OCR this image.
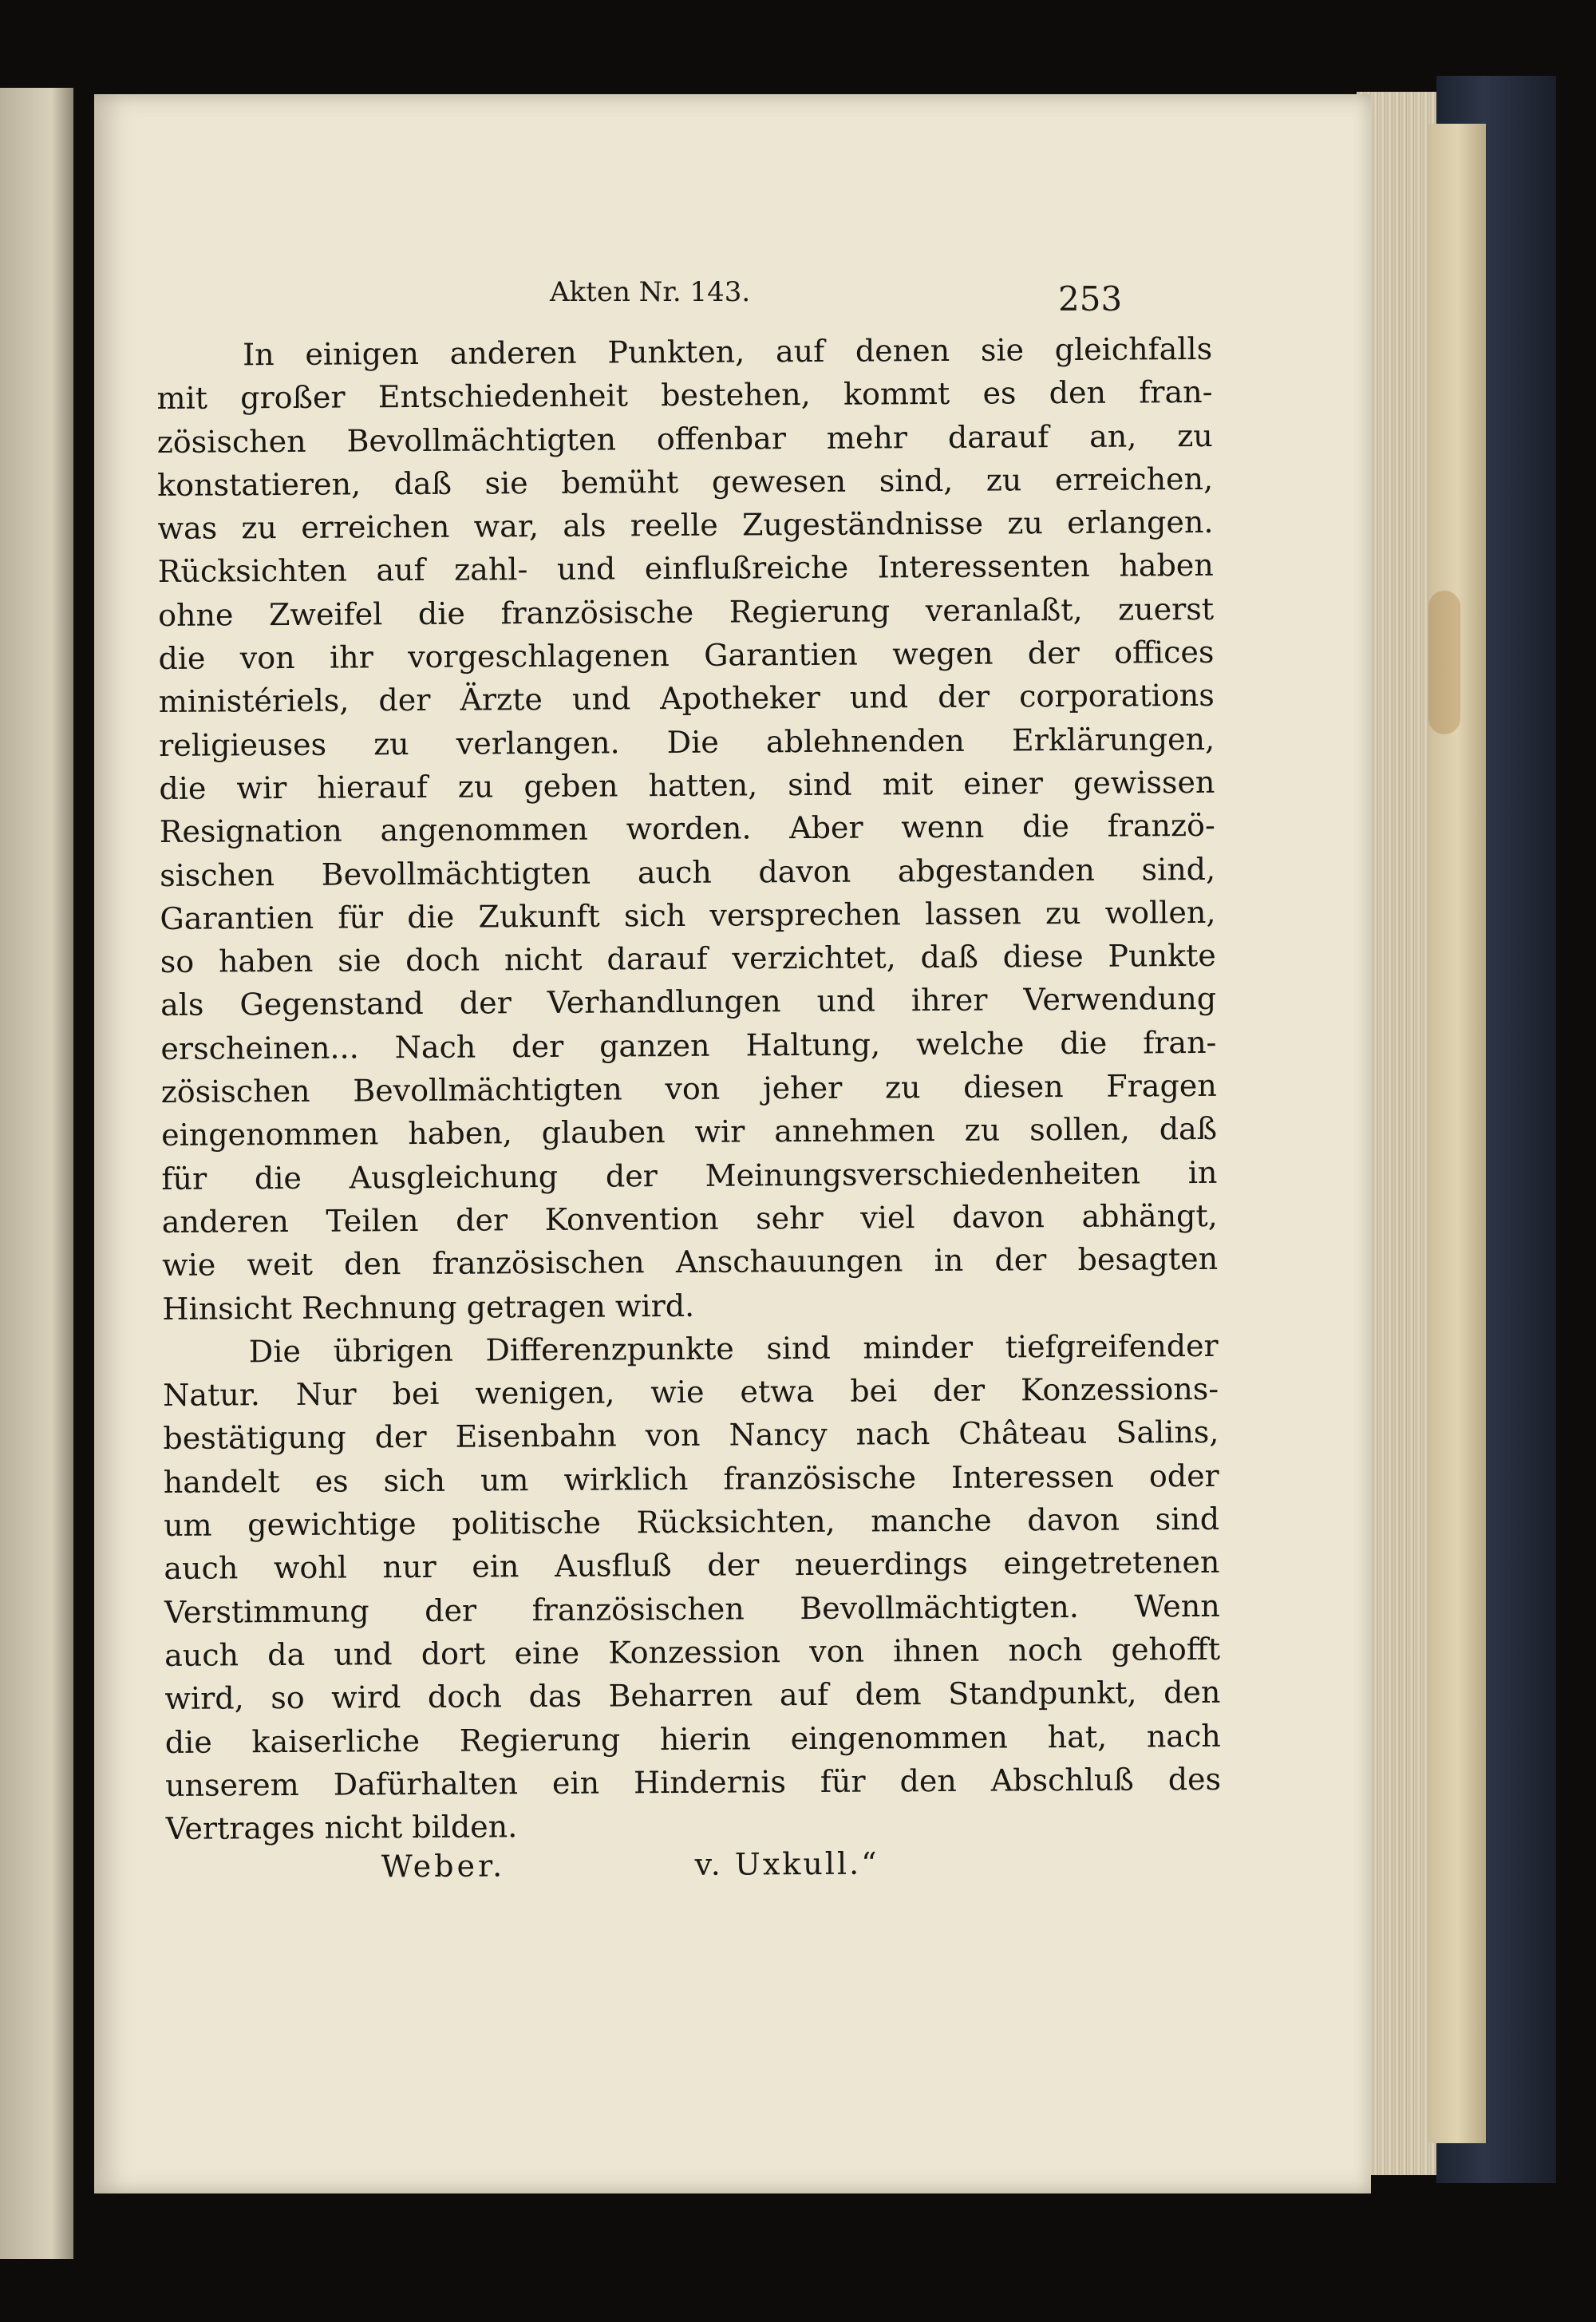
Akten Nr. 143.	253
In einigen anderen Punkten, auf denen sie gleichfalls
mit großer Entschiedenheit bestehen, kommt es den fran-
zösischen Bevollmächtigten offenbar mehr darauf an, zu
konstatieren, daß sie bemüht gewesen sind, zu erreichen,
was zu erreichen war, als reelle Zugeständnisse zu erlangen.
Rücksichten auf zahl- und einflußreiche Interessenten haben
ohne Zweifel die französische Regierung veranlaßt, zuerst
die von ihr vorgeschlagenen Garantien wegen der offices
ministériels, der Ärzte und Apotheker und der corporations
religieuses zu verlangen. Die ablehnenden Erklärungen,
die wir hierauf zu geben hatten, sind mit einer gewissen
Resignation angenommen worden. Aber wenn die franzö-
sischen Bevollmächtigten auch davon abgestanden sind,
Garantien für die Zukunft sich versprechen lassen zu wollen,
so haben sie doch nicht darauf verzichtet, daß diese Punkte
als Gegenstand der Verhandlungen und ihrer Verwendung
erscheinen... Nach der ganzen Haltung, welche die fran-
zösischen Bevollmächtigten von jeher zu diesen Fragen
eingenommen haben, glauben wir annehmen zu sollen, daß
für die Ausgleichung der Meinungsverschiedenheiten in
anderen Teilen der Konvention sehr viel davon abhängt,
wie weit den französischen Anschauungen in der besagten
Hinsicht Rechnung getragen wird.
Die übrigen Differenzpunkte sind minder tiefgreifender
Natur. Nur bei wenigen, wie etwa bei der Konzessions-
bestätigung der Eisenbahn von Nancy nach Château Salins,
handelt es sich um wirklich französische Interessen oder
um gewichtige politische Rücksichten, manche davon sind
auch wohl nur ein Ausfluß der neuerdings eingetretenen
Verstimmung der französischen Bevollmächtigten. Wenn
auch da und dort eine Konzession von ihnen noch gehofft
wird, so wird doch das Beharren auf dem Standpunkt, den
die kaiserliche Regierung hierin eingenommen hat, nach
unserem Dafürhalten ein Hindernis für den Abschluß des
Vertrages nicht bilden.
Weber.	v. Uxkull.“
